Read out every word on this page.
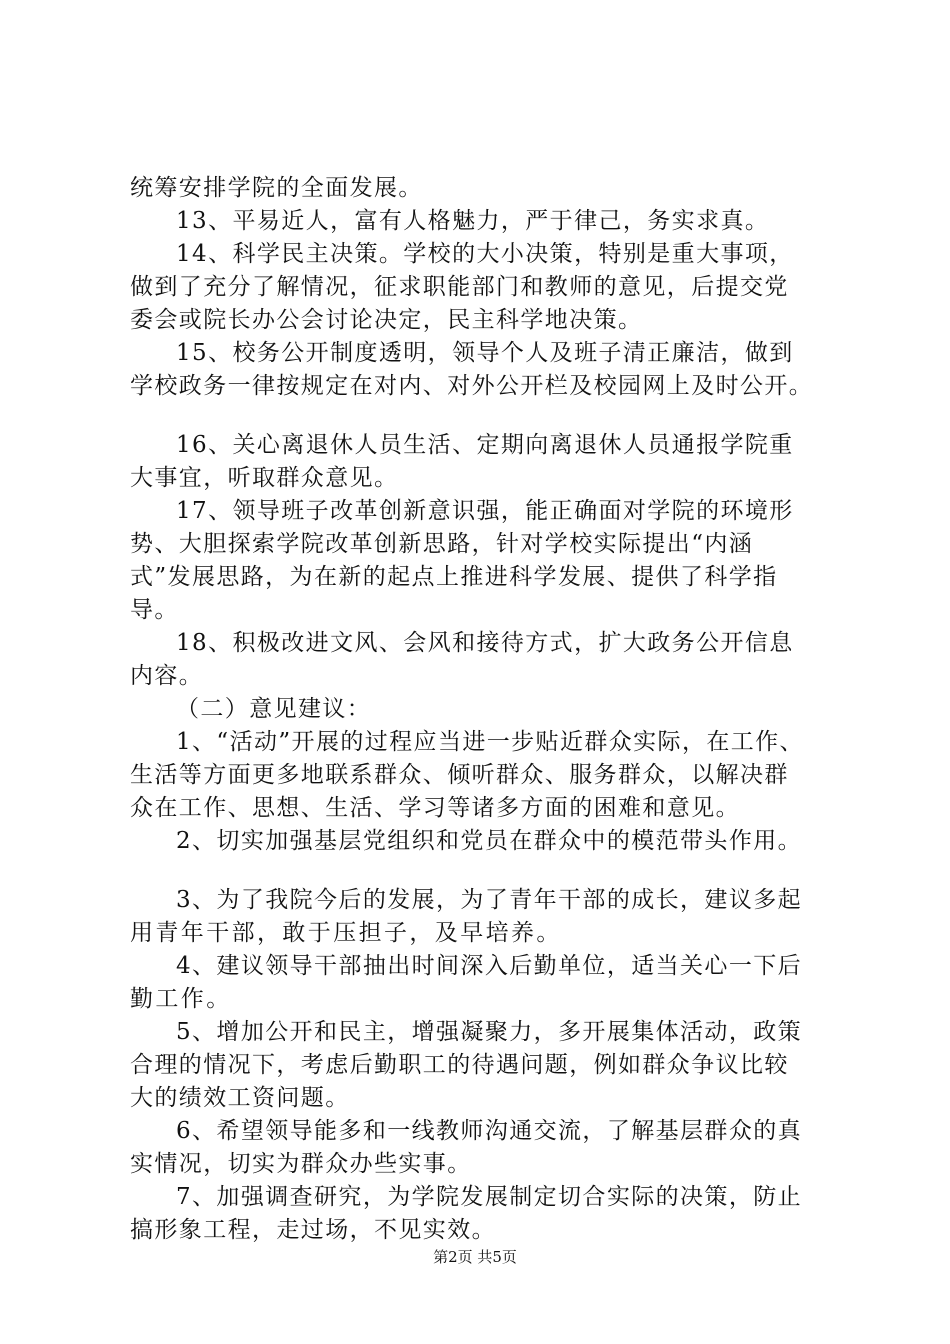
统筹安排学院的全面发展。
13、平易近人，富有人格魅力，严于律己，务实求真。
14、科学民主决策。学校的大小决策，特别是重大事项，
做到了充分了解情况，征求职能部门和教师的意见，后提交党
委会或院长办公会讨论决定，民主科学地决策。
15、校务公开制度透明，领导个人及班子清正廉洁，做到
学校政务一律按规定在对内、对外公开栏及校园网上及时公开。
16、关心离退休人员生活、定期向离退休人员通报学院重
大事宜，听取群众意见。
17、领导班子改革创新意识强，能正确面对学院的环境形
势、大胆探索学院改革创新思路，针对学校实际提出“内涵
式”发展思路，为在新的起点上推进科学发展、提供了科学指
导。
18、积极改进文风、会风和接待方式，扩大政务公开信息
内容。
（二）意见建议：
1、“活动”开展的过程应当进一步贴近群众实际，在工作、
生活等方面更多地联系群众、倾听群众、服务群众，以解决群
众在工作、思想、生活、学习等诸多方面的困难和意见。
2、切实加强基层党组织和党员在群众中的模范带头作用。
3、为了我院今后的发展，为了青年干部的成长，建议多起
用青年干部，敢于压担子，及早培养。
4、建议领导干部抽出时间深入后勤单位，适当关心一下后
勤工作。
5、增加公开和民主，增强凝聚力，多开展集体活动，政策
合理的情况下，考虑后勤职工的待遇问题，例如群众争议比较
大的绩效工资问题。
6、希望领导能多和一线教师沟通交流，了解基层群众的真
实情况，切实为群众办些实事。
7、加强调查研究，为学院发展制定切合实际的决策，防止
搞形象工程，走过场，不见实效。
第2页 共5页
